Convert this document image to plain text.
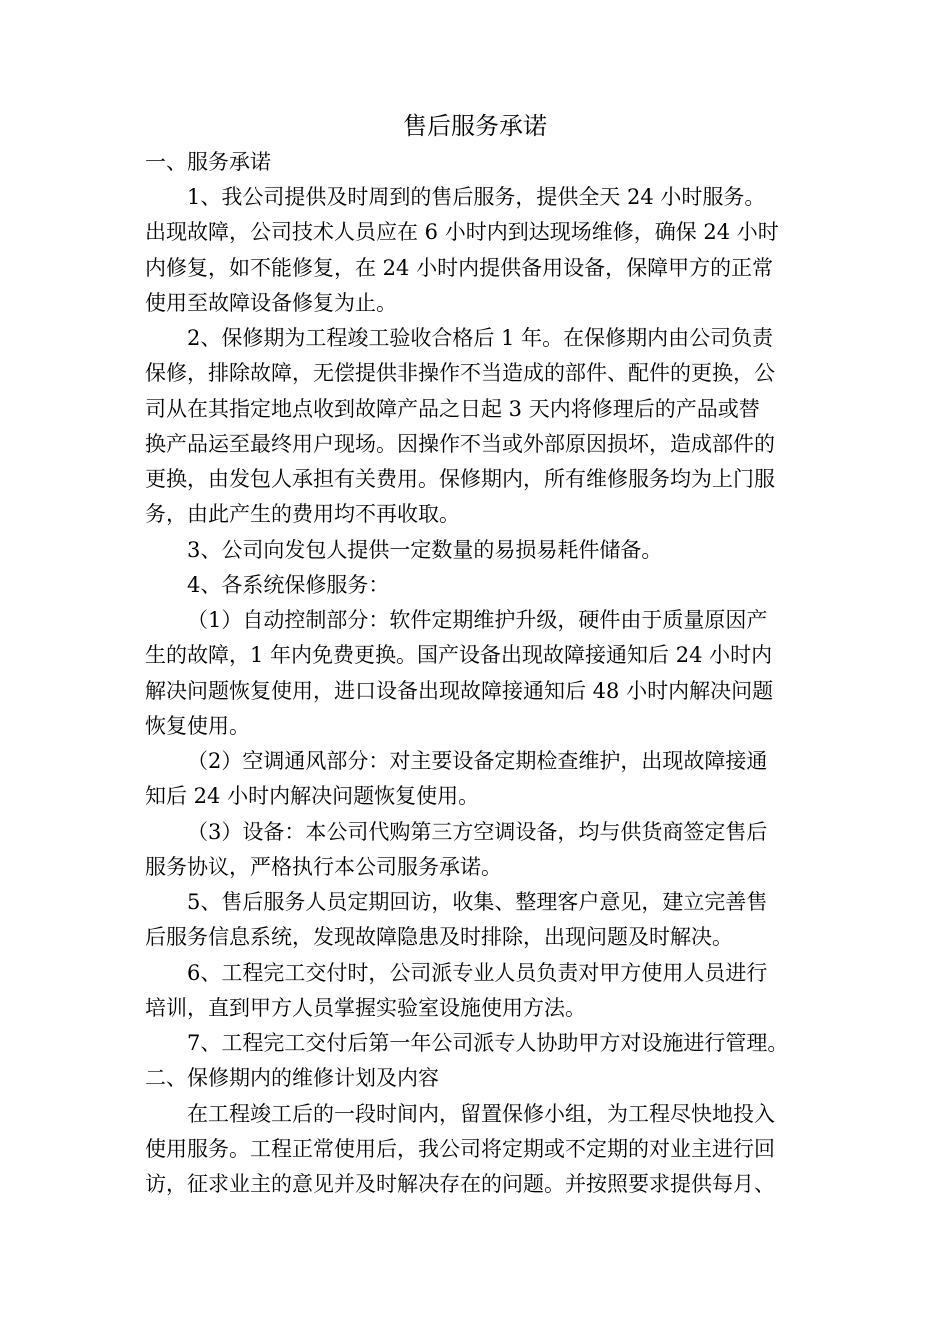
售后服务承诺
一、服务承诺
1、我公司提供及时周到的售后服务，提供全天 24 小时服务。
出现故障，公司技术人员应在 6 小时内到达现场维修，确保 24 小时
内修复，如不能修复，在 24 小时内提供备用设备，保障甲方的正常
使用至故障设备修复为止。
2、保修期为工程竣工验收合格后 1 年。在保修期内由公司负责
保修，排除故障，无偿提供非操作不当造成的部件、配件的更换，公
司从在其指定地点收到故障产品之日起 3 天内将修理后的产品或替
换产品运至最终用户现场。因操作不当或外部原因损坏，造成部件的
更换，由发包人承担有关费用。保修期内，所有维修服务均为上门服
务，由此产生的费用均不再收取。
3、公司向发包人提供一定数量的易损易耗件储备。
4、各系统保修服务：
（1）自动控制部分：软件定期维护升级，硬件由于质量原因产
生的故障，1 年内免费更换。国产设备出现故障接通知后 24 小时内
解决问题恢复使用，进口设备出现故障接通知后 48 小时内解决问题
恢复使用。
（2）空调通风部分：对主要设备定期检查维护，出现故障接通
知后 24 小时内解决问题恢复使用。
（3）设备：本公司代购第三方空调设备，均与供货商签定售后
服务协议，严格执行本公司服务承诺。
5、售后服务人员定期回访，收集、整理客户意见，建立完善售
后服务信息系统，发现故障隐患及时排除，出现问题及时解决。
6、工程完工交付时，公司派专业人员负责对甲方使用人员进行
培训，直到甲方人员掌握实验室设施使用方法。
7、工程完工交付后第一年公司派专人协助甲方对设施进行管理。
二、保修期内的维修计划及内容
在工程竣工后的一段时间内，留置保修小组，为工程尽快地投入
使用服务。工程正常使用后，我公司将定期或不定期的对业主进行回
访，征求业主的意见并及时解决存在的问题。并按照要求提供每月、
